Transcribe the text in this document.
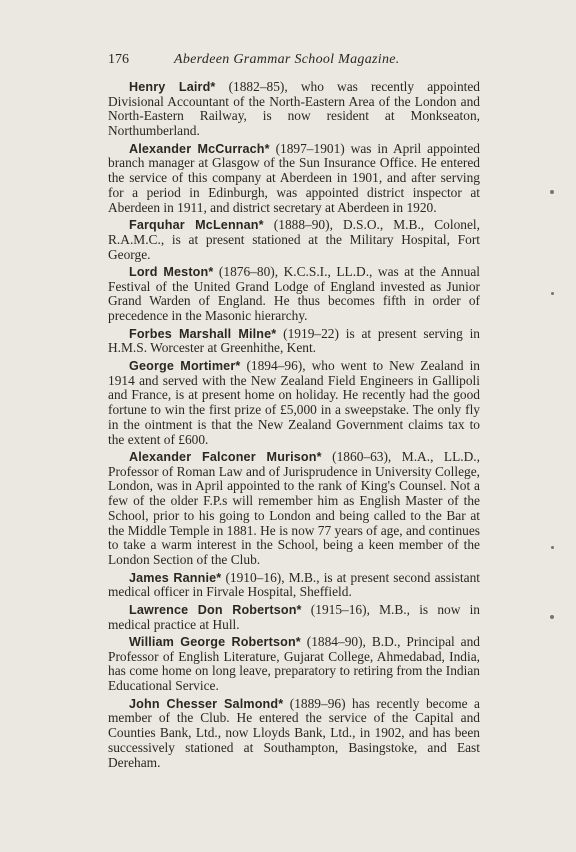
176	Aberdeen Grammar School Magazine.

Henry Laird* (1882–85), who was recently appointed Divisional Accountant of the North-Eastern Area of the London and North-Eastern Railway, is now resident at Monkseaton, Northumberland.

Alexander McCurrach* (1897–1901) was in April appointed branch manager at Glasgow of the Sun Insurance Office. He entered the service of this company at Aberdeen in 1901, and after serving for a period in Edinburgh, was appointed district inspector at Aberdeen in 1911, and district secretary at Aberdeen in 1920.

Farquhar McLennan* (1888–90), D.S.O., M.B., Colonel, R.A.M.C., is at present stationed at the Military Hospital, Fort George.

Lord Meston* (1876–80), K.C.S.I., LL.D., was at the Annual Festival of the United Grand Lodge of England invested as Junior Grand Warden of England. He thus becomes fifth in order of precedence in the Masonic hierarchy.

Forbes Marshall Milne* (1919–22) is at present serving in H.M.S. Worcester at Greenhithe, Kent.

George Mortimer* (1894–96), who went to New Zealand in 1914 and served with the New Zealand Field Engineers in Gallipoli and France, is at present home on holiday. He recently had the good fortune to win the first prize of £5,000 in a sweepstake. The only fly in the ointment is that the New Zealand Government claims tax to the extent of £600.

Alexander Falconer Murison* (1860–63), M.A., LL.D., Professor of Roman Law and of Jurisprudence in University College, London, was in April appointed to the rank of King's Counsel. Not a few of the older F.P.s will remember him as English Master of the School, prior to his going to London and being called to the Bar at the Middle Temple in 1881. He is now 77 years of age, and continues to take a warm interest in the School, being a keen member of the London Section of the Club.

James Rannie* (1910–16), M.B., is at present second assistant medical officer in Firvale Hospital, Sheffield.

Lawrence Don Robertson* (1915–16), M.B., is now in medical practice at Hull.

William George Robertson* (1884–90), B.D., Principal and Professor of English Literature, Gujarat College, Ahmedabad, India, has come home on long leave, preparatory to retiring from the Indian Educational Service.

John Chesser Salmond* (1889–96) has recently become a member of the Club. He entered the service of the Capital and Counties Bank, Ltd., now Lloyds Bank, Ltd., in 1902, and has been successively stationed at Southampton, Basingstoke, and East Dereham.
